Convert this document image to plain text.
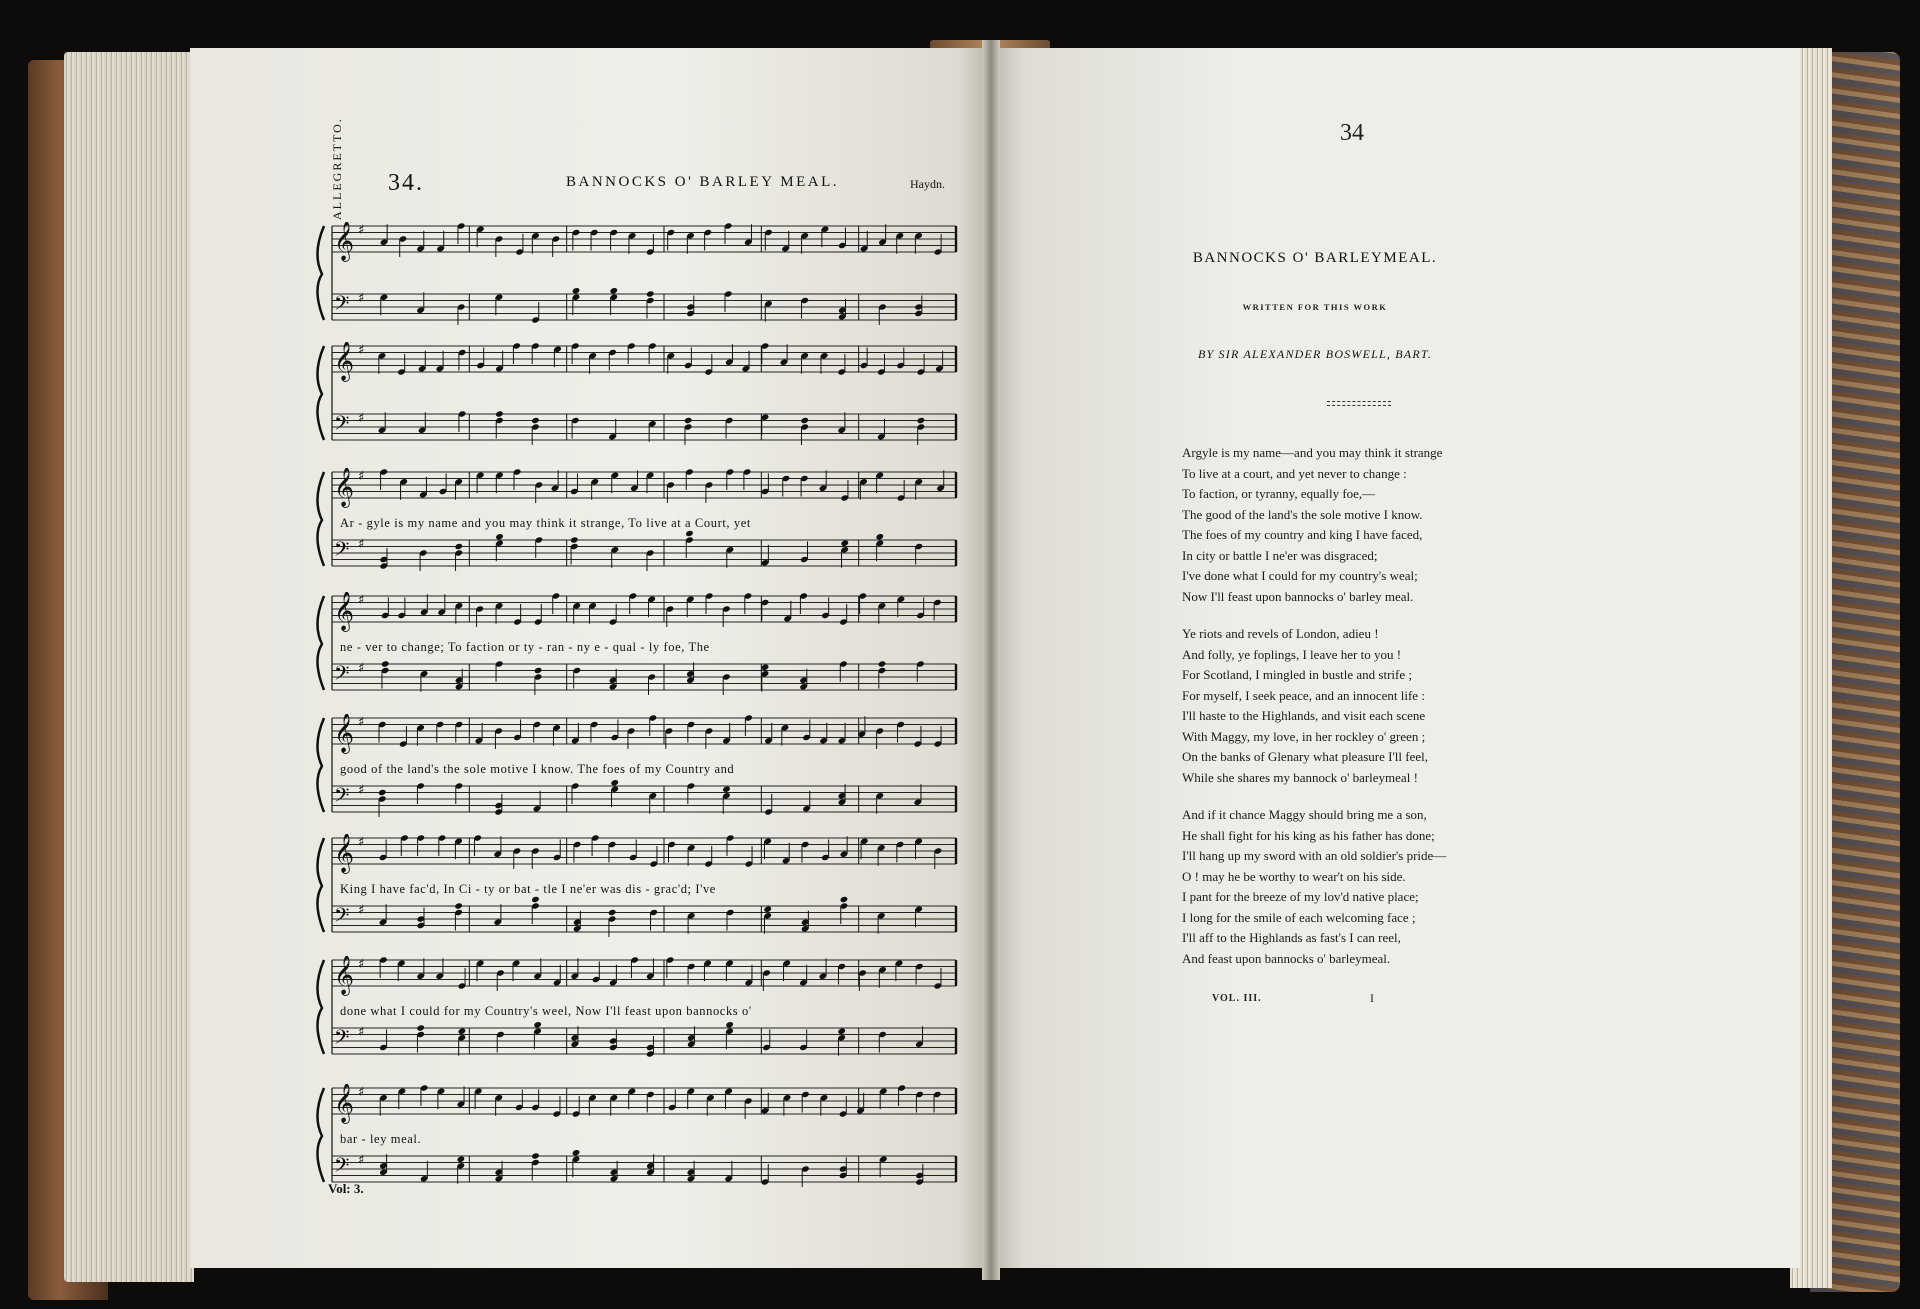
34.	BANNOCKS O' BARLEY MEAL.	Haydn.
ALLEGRETTO.
𝄞 ♯
𝄢 ♯
𝄞 ♯
𝄢 ♯
𝄞 ♯
𝄢 ♯
Ar - gyle is my name and you may think it strange, To live at a Court, yet
𝄞 ♯
𝄢 ♯
ne - ver to change; To faction or ty - ran - ny e - qual - ly foe, The
𝄞 ♯
𝄢 ♯
good of the land's the sole motive I know. The foes of my Country and
𝄞 ♯
𝄢 ♯
King I have fac'd, In Ci - ty or bat - tle I ne'er was dis - grac'd; I've
𝄞 ♯
𝄢 ♯
done what I could for my Country's weel, Now I'll feast upon bannocks o'
𝄞 ♯
𝄢 ♯
bar - ley meal.
Vol: 3.
34
BANNOCKS O' BARLEYMEAL.
WRITTEN FOR THIS WORK
BY SIR ALEXANDER BOSWELL, BART.
Argyle is my name—and you may think it strange
To live at a court, and yet never to change :
To faction, or tyranny, equally foe,—
The good of the land's the sole motive I know.
The foes of my country and king I have faced,
In city or battle I ne'er was disgraced;
I've done what I could for my country's weal;
Now I'll feast upon bannocks o' barley meal.
Ye riots and revels of London, adieu !
And folly, ye foplings, I leave her to you !
For Scotland, I mingled in bustle and strife ;
For myself, I seek peace, and an innocent life :
I'll haste to the Highlands, and visit each scene
With Maggy, my love, in her rockley o' green ;
On the banks of Glenary what pleasure I'll feel,
While she shares my bannock o' barleymeal !
And if it chance Maggy should bring me a son,
He shall fight for his king as his father has done;
I'll hang up my sword with an old soldier's pride—
O ! may he be worthy to wear't on his side.
I pant for the breeze of my lov'd native place;
I long for the smile of each welcoming face ;
I'll aff to the Highlands as fast's I can reel,
And feast upon bannocks o' barleymeal.
VOL. III.	I
